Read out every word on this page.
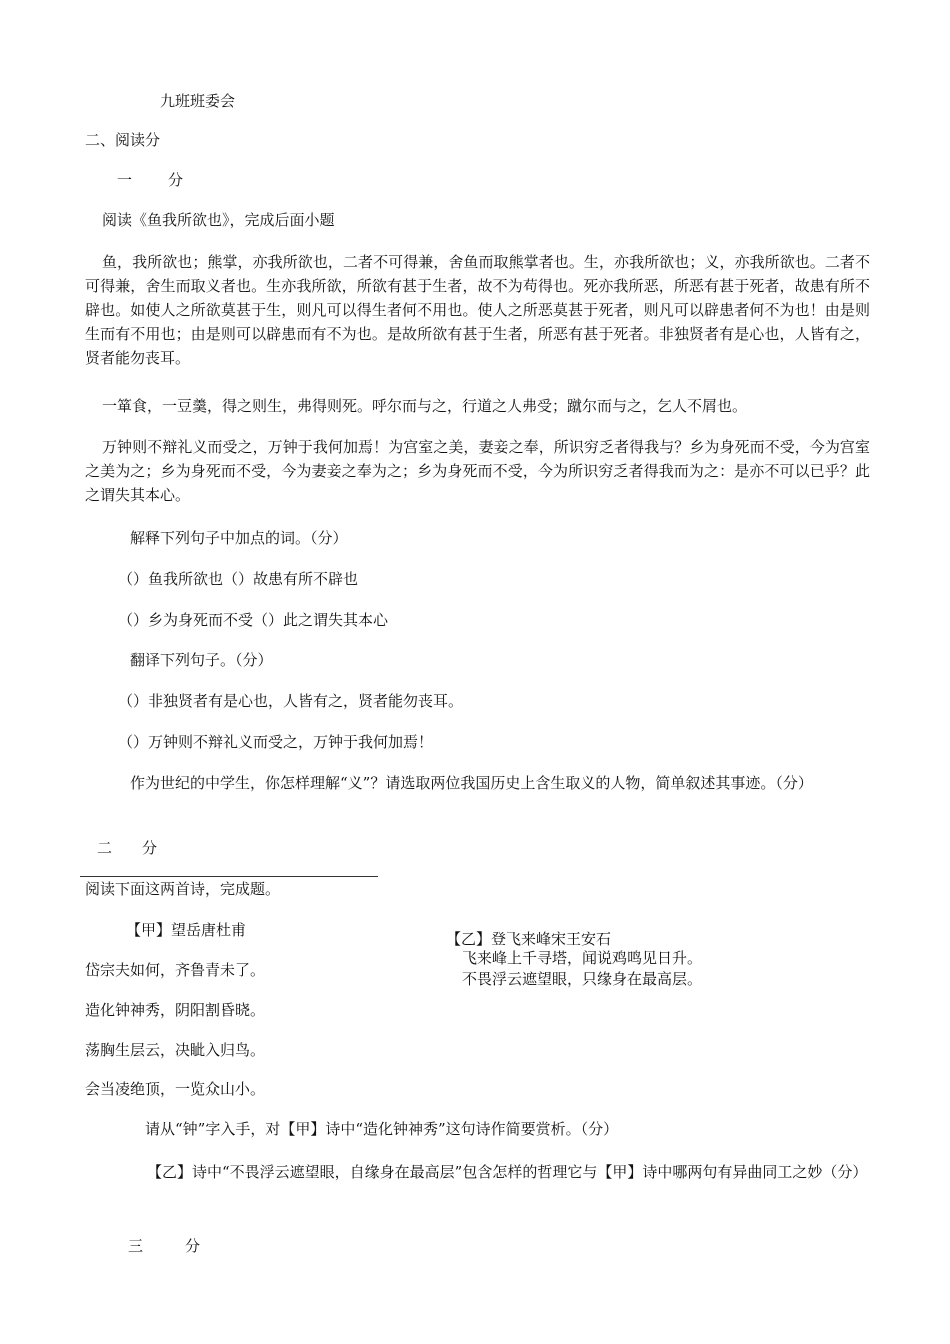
九班班委会
二、阅读分
一 分
阅读《鱼我所欲也》，完成后面小题

鱼，我所欲也；熊掌，亦我所欲也，二者不可得兼，舍鱼而取熊掌者也。生，亦我所欲也；义，亦我所欲也。二者不可得兼，舍生而取义者也。生亦我所欲，所欲有甚于生者，故不为苟得也。死亦我所恶，所恶有甚于死者，故患有所不辟也。如使人之所欲莫甚于生，则凡可以得生者何不用也。使人之所恶莫甚于死者，则凡可以辟患者何不为也！由是则生而有不用也；由是则可以辟患而有不为也。是故所欲有甚于生者，所恶有甚于死者。非独贤者有是心也，人皆有之，贤者能勿丧耳。

一箪食，一豆羹，得之则生，弗得则死。呼尔而与之，行道之人弗受；蹴尔而与之，乞人不屑也。

万钟则不辩礼义而受之，万钟于我何加焉！为宫室之美，妻妾之奉，所识穷乏者得我与？乡为身死而不受，今为宫室之美为之；乡为身死而不受，今为妻妾之奉为之；乡为身死而不受，今为所识穷乏者得我而为之：是亦不可以已乎？此之谓失其本心。

解释下列句子中加点的词。（分）
（）鱼我所欲也（）故患有所不辟也
（）乡为身死而不受（）此之谓失其本心
翻译下列句子。（分）
（）非独贤者有是心也，人皆有之，贤者能勿丧耳。
（）万钟则不辩礼义而受之，万钟于我何加焉！

作为世纪的中学生，你怎样理解“义”？请选取两位我国历史上含生取义的人物，简单叙述其事迹。（分）

二 分
阅读下面这两首诗，完成题。
【甲】望岳唐杜甫
岱宗夫如何，齐鲁青未了。
造化钟神秀，阴阳割昏晓。
荡胸生层云，决眦入归鸟。
会当凌绝顶，一览众山小。
【乙】登飞来峰宋王安石
飞来峰上千寻塔，闻说鸡鸣见日升。
不畏浮云遮望眼，只缘身在最高层。
请从“钟”字入手，对【甲】诗中“造化钟神秀”这句诗作简要赏析。（分）

【乙】诗中“不畏浮云遮望眼，自缘身在最高层”包含怎样的哲理它与【甲】诗中哪两句有异曲同工之妙（分）

三	分
